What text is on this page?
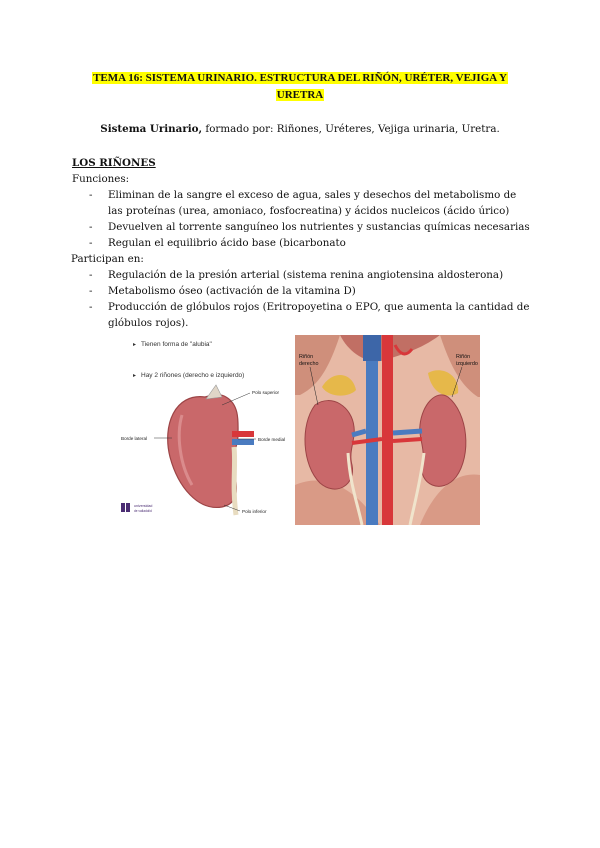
TEMA 16: SISTEMA URINARIO. ESTRUCTURA DEL RIÑÓN, URÉTER, VEJIGA Y
URETRA
Sistema Urinario, formado por: Riñones, Uréteres, Vejiga urinaria, Uretra.
LOS RIÑONES
Funciones:
- Eliminan de la sangre el exceso de agua, sales y desechos del metabolismo de las proteínas (urea, amoniaco, fosfocreatina) y ácidos nucleicos (ácido úrico)
- Devuelven al torrente sanguíneo los nutrientes y sustancias químicas necesarias
- Regulan el equilibrio ácido base (bicarbonato
Participan en:
- Regulación de la presión arterial (sistema renina angiotensina aldosterona)
- Metabolismo óseo (activación de la vitamina D)
- Producción de glóbulos rojos (Eritropoyetina o EPO, que aumenta la cantidad de glóbulos rojos).
▸ Tienen forma de "alubia"
▸ Hay 2 riñones (derecho e izquierdo)
Polo superior
Borde lateral	Borde medial
Polo inferior
universidad
de valladolid
Riñón
derecho
Riñón
izquierdo
